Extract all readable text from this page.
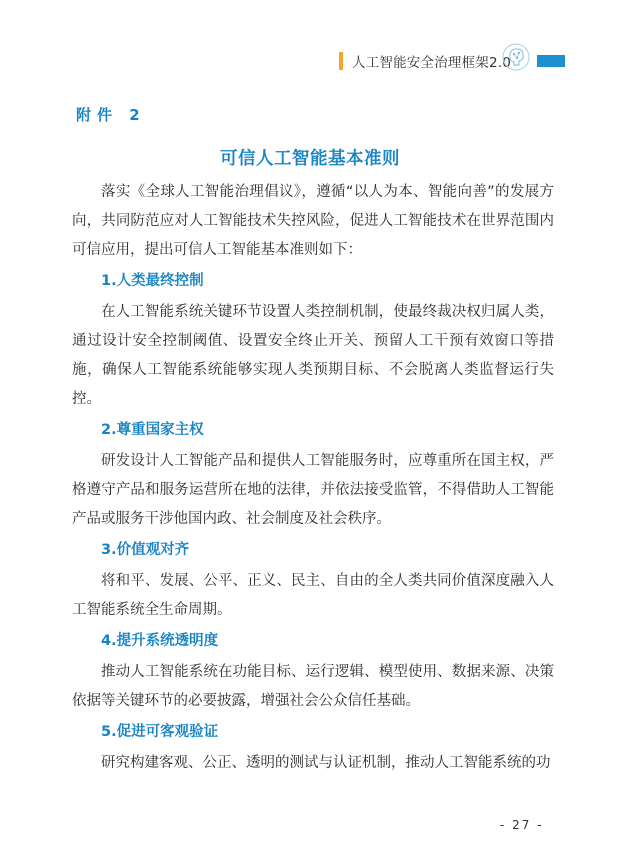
人工智能安全治理框架2.0
附件 2
可信人工智能基本准则

落实《全球人工智能治理倡议》，遵循“以人为本、智能向善”的发展方向，共同防范应对人工智能技术失控风险，促进人工智能技术在世界范围内可信应用，提出可信人工智能基本准则如下：

1.人类最终控制

在人工智能系统关键环节设置人类控制机制，使最终裁决权归属人类，通过设计安全控制阈值、设置安全终止开关、预留人工干预有效窗口等措施，确保人工智能系统能够实现人类预期目标、不会脱离人类监督运行失控。

2.尊重国家主权

研发设计人工智能产品和提供人工智能服务时，应尊重所在国主权，严格遵守产品和服务运营所在地的法律，并依法接受监管，不得借助人工智能产品或服务干涉他国内政、社会制度及社会秩序。

3.价值观对齐

将和平、发展、公平、正义、民主、自由的全人类共同价值深度融入人工智能系统全生命周期。

4.提升系统透明度

推动人工智能系统在功能目标、运行逻辑、模型使用、数据来源、决策依据等关键环节的必要披露，增强社会公众信任基础。

5.促进可客观验证

研究构建客观、公正、透明的测试与认证机制，推动人工智能系统的功

- 27 -
